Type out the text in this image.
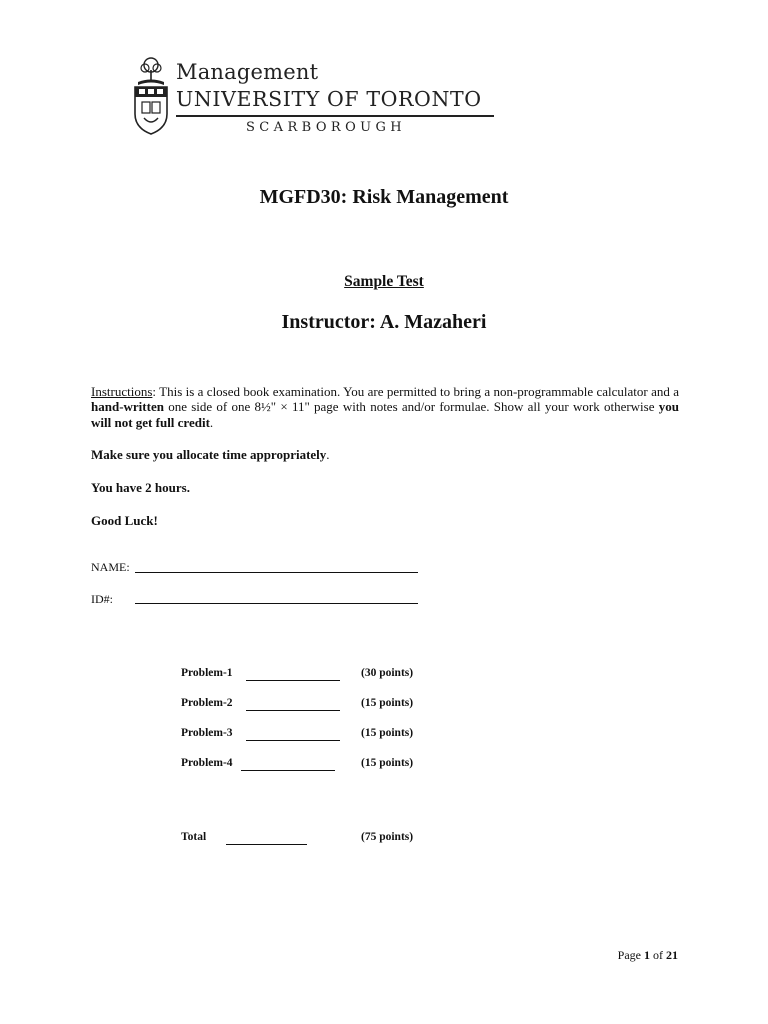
Management
UNIVERSITY OF TORONTO
SCARBOROUGH
MGFD30: Risk Management
Sample Test
Instructor: A. Mazaheri

Instructions: This is a closed book examination. You are permitted to bring a non-programmable calculator and a hand-written one side of one 8½" × 11" page with notes and/or formulae. Show all your work otherwise you will not get full credit.

Make sure you allocate time appropriately.
You have 2 hours.
Good Luck!
NAME:
ID#:
Problem-1	(30 points)
Problem-2	(15 points)
Problem-3	(15 points)
Problem-4	(15 points)
Total	(75 points)
Page 1 of 21
